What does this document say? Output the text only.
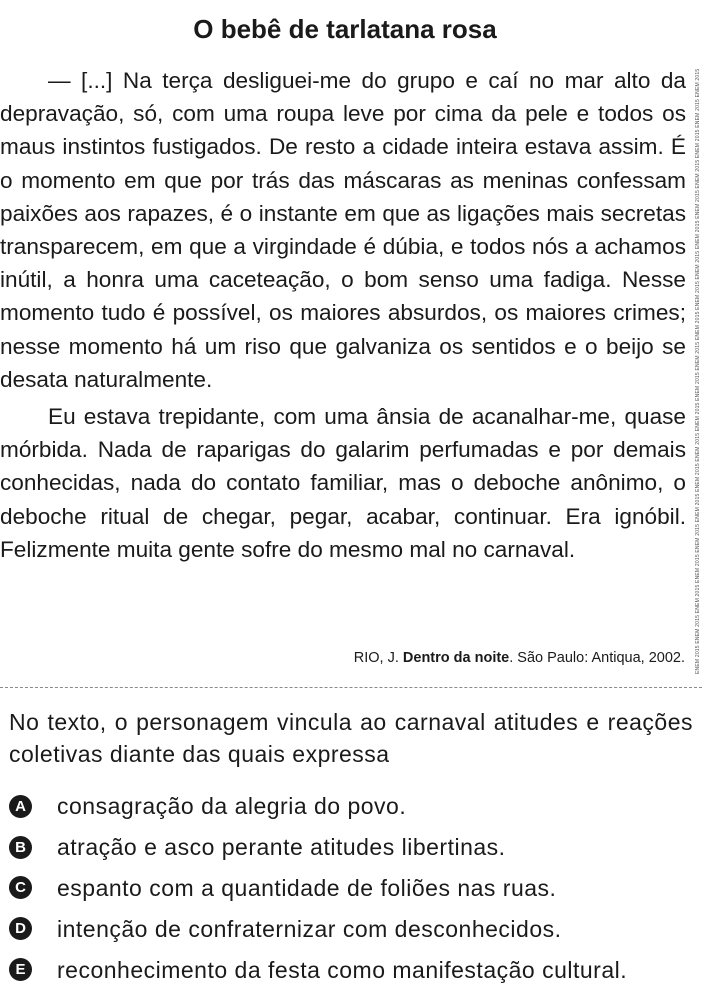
O bebê de tarlatana rosa

— [...] Na terça desliguei-me do grupo e caí no mar alto da depravação, só, com uma roupa leve por cima da pele e todos os maus instintos fustigados. De resto a cidade inteira estava assim. É o momento em que por trás das máscaras as meninas confessam paixões aos rapazes, é o instante em que as ligações mais secretas transparecem, em que a virgindade é dúbia, e todos nós a achamos inútil, a honra uma caceteação, o bom senso uma fadiga. Nesse momento tudo é possível, os maiores absurdos, os maiores crimes; nesse momento há um riso que galvaniza os sentidos e o beijo se desata naturalmente.

Eu estava trepidante, com uma ânsia de acanalhar-me, quase mórbida. Nada de raparigas do galarim perfumadas e por demais conhecidas, nada do contato familiar, mas o deboche anônimo, o deboche ritual de chegar, pegar, acabar, continuar. Era ignóbil. Felizmente muita gente sofre do mesmo mal no carnaval.

RIO, J. Dentro da noite. São Paulo: Antiqua, 2002. ENEM 2015 ENEM 2015 ENEM 2015 ENEM 2015 ENEM 2015 ENEM 2015 ENEM 2015 ENEM 2015 ENEM 2015 ENEM 2015 ENEM 2015 ENEM 2015 ENEM 2015 ENEM 2015 ENEM 2015 ENEM 2015 ENEM 2015 ENEM 2015 ENEM 2015 ENEM 2015

No texto, o personagem vincula ao carnaval atitudes e reações coletivas diante das quais expressa

A consagração da alegria do povo.
B atração e asco perante atitudes libertinas.
C espanto com a quantidade de foliões nas ruas.
D intenção de confraternizar com desconhecidos.
E reconhecimento da festa como manifestação cultural.
